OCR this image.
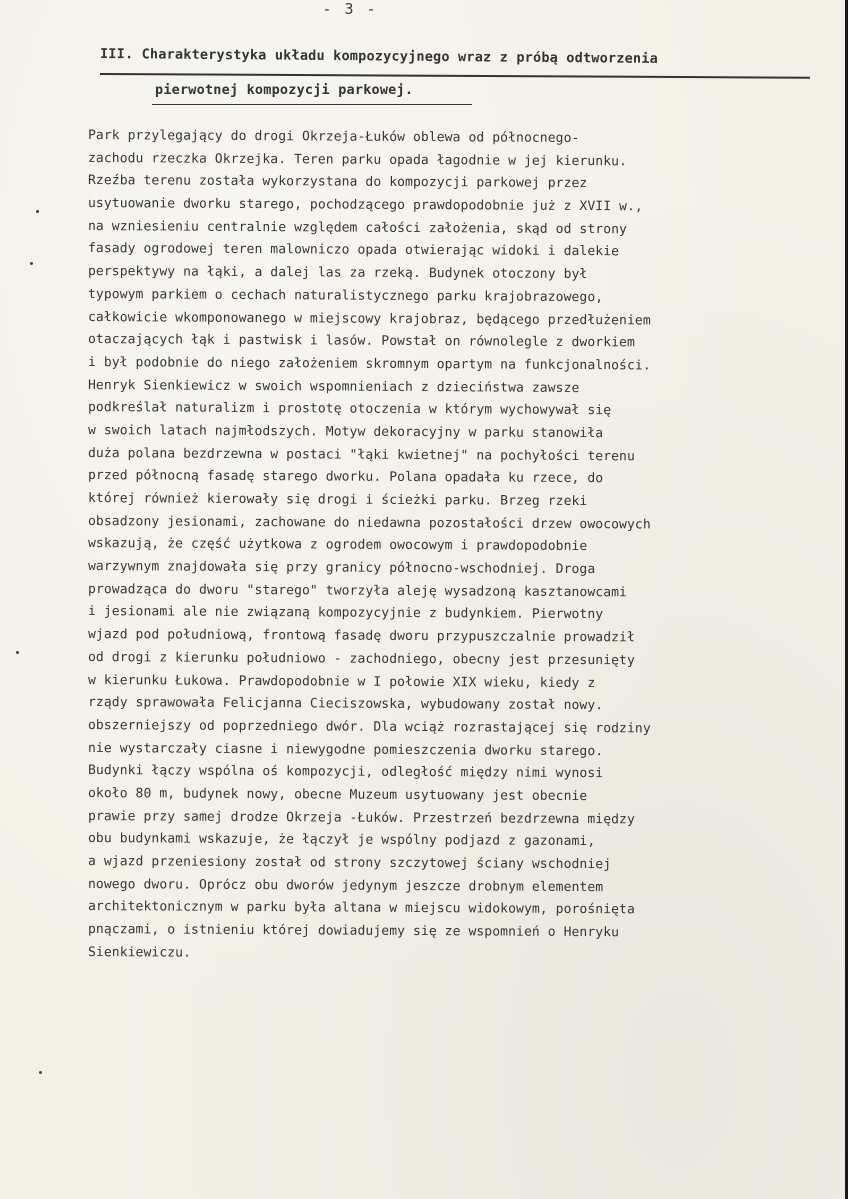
- 3 -
III. Charakterystyka układu kompozycyjnego wraz z próbą odtworzenia
pierwotnej kompozycji parkowej.
Park przylegający do drogi Okrzeja-Łuków oblewa od północnego-
zachodu rzeczka Okrzejka. Teren parku opada łagodnie w jej kierunku.
Rzeźba terenu została wykorzystana do kompozycji parkowej przez
usytuowanie dworku starego, pochodzącego prawdopodobnie już z XVII w.,
na wzniesieniu centralnie względem całości założenia, skąd od strony
fasady ogrodowej teren malowniczo opada otwierając widoki i dalekie
perspektywy na łąki, a dalej las za rzeką. Budynek otoczony był
typowym parkiem o cechach naturalistycznego parku krajobrazowego,
całkowicie wkomponowanego w miejscowy krajobraz, będącego przedłużeniem
otaczających łąk i pastwisk i lasów. Powstał on równolegle z dworkiem
i był podobnie do niego założeniem skromnym opartym na funkcjonalności.
Henryk Sienkiewicz w swoich wspomnieniach z dzieciństwa zawsze
podkreślał naturalizm i prostotę otoczenia w którym wychowywał się
w swoich latach najmłodszych. Motyw dekoracyjny w parku stanowiła
duża polana bezdrzewna w postaci "łąki kwietnej" na pochyłości terenu
przed północną fasadę starego dworku. Polana opadała ku rzece, do
której również kierowały się drogi i ścieżki parku. Brzeg rzeki
obsadzony jesionami, zachowane do niedawna pozostałości drzew owocowych
wskazują, że część użytkowa z ogrodem owocowym i prawdopodobnie
warzywnym znajdowała się przy granicy północno-wschodniej. Droga
prowadząca do dworu "starego" tworzyła aleję wysadzoną kasztanowcami
i jesionami ale nie związaną kompozycyjnie z budynkiem. Pierwotny
wjazd pod południową, frontową fasadę dworu przypuszczalnie prowadził
od drogi z kierunku południowo - zachodniego, obecny jest przesunięty
w kierunku Łukowa. Prawdopodobnie w I połowie XIX wieku, kiedy z
rządy sprawowała Felicjanna Cieciszowska, wybudowany został nowy.
obszerniejszy od poprzedniego dwór. Dla wciąż rozrastającej się rodziny
nie wystarczały ciasne i niewygodne pomieszczenia dworku starego.
Budynki łączy wspólna oś kompozycji, odległość między nimi wynosi
około 80 m, budynek nowy, obecne Muzeum usytuowany jest obecnie
prawie przy samej drodze Okrzeja -Łuków. Przestrzeń bezdrzewna między
obu budynkami wskazuje, że łączył je wspólny podjazd z gazonami,
a wjazd przeniesiony został od strony szczytowej ściany wschodniej
nowego dworu. Oprócz obu dworów jedynym jeszcze drobnym elementem
architektonicznym w parku była altana w miejscu widokowym, porośnięta
pnączami, o istnieniu której dowiadujemy się ze wspomnień o Henryku
Sienkiewiczu.
